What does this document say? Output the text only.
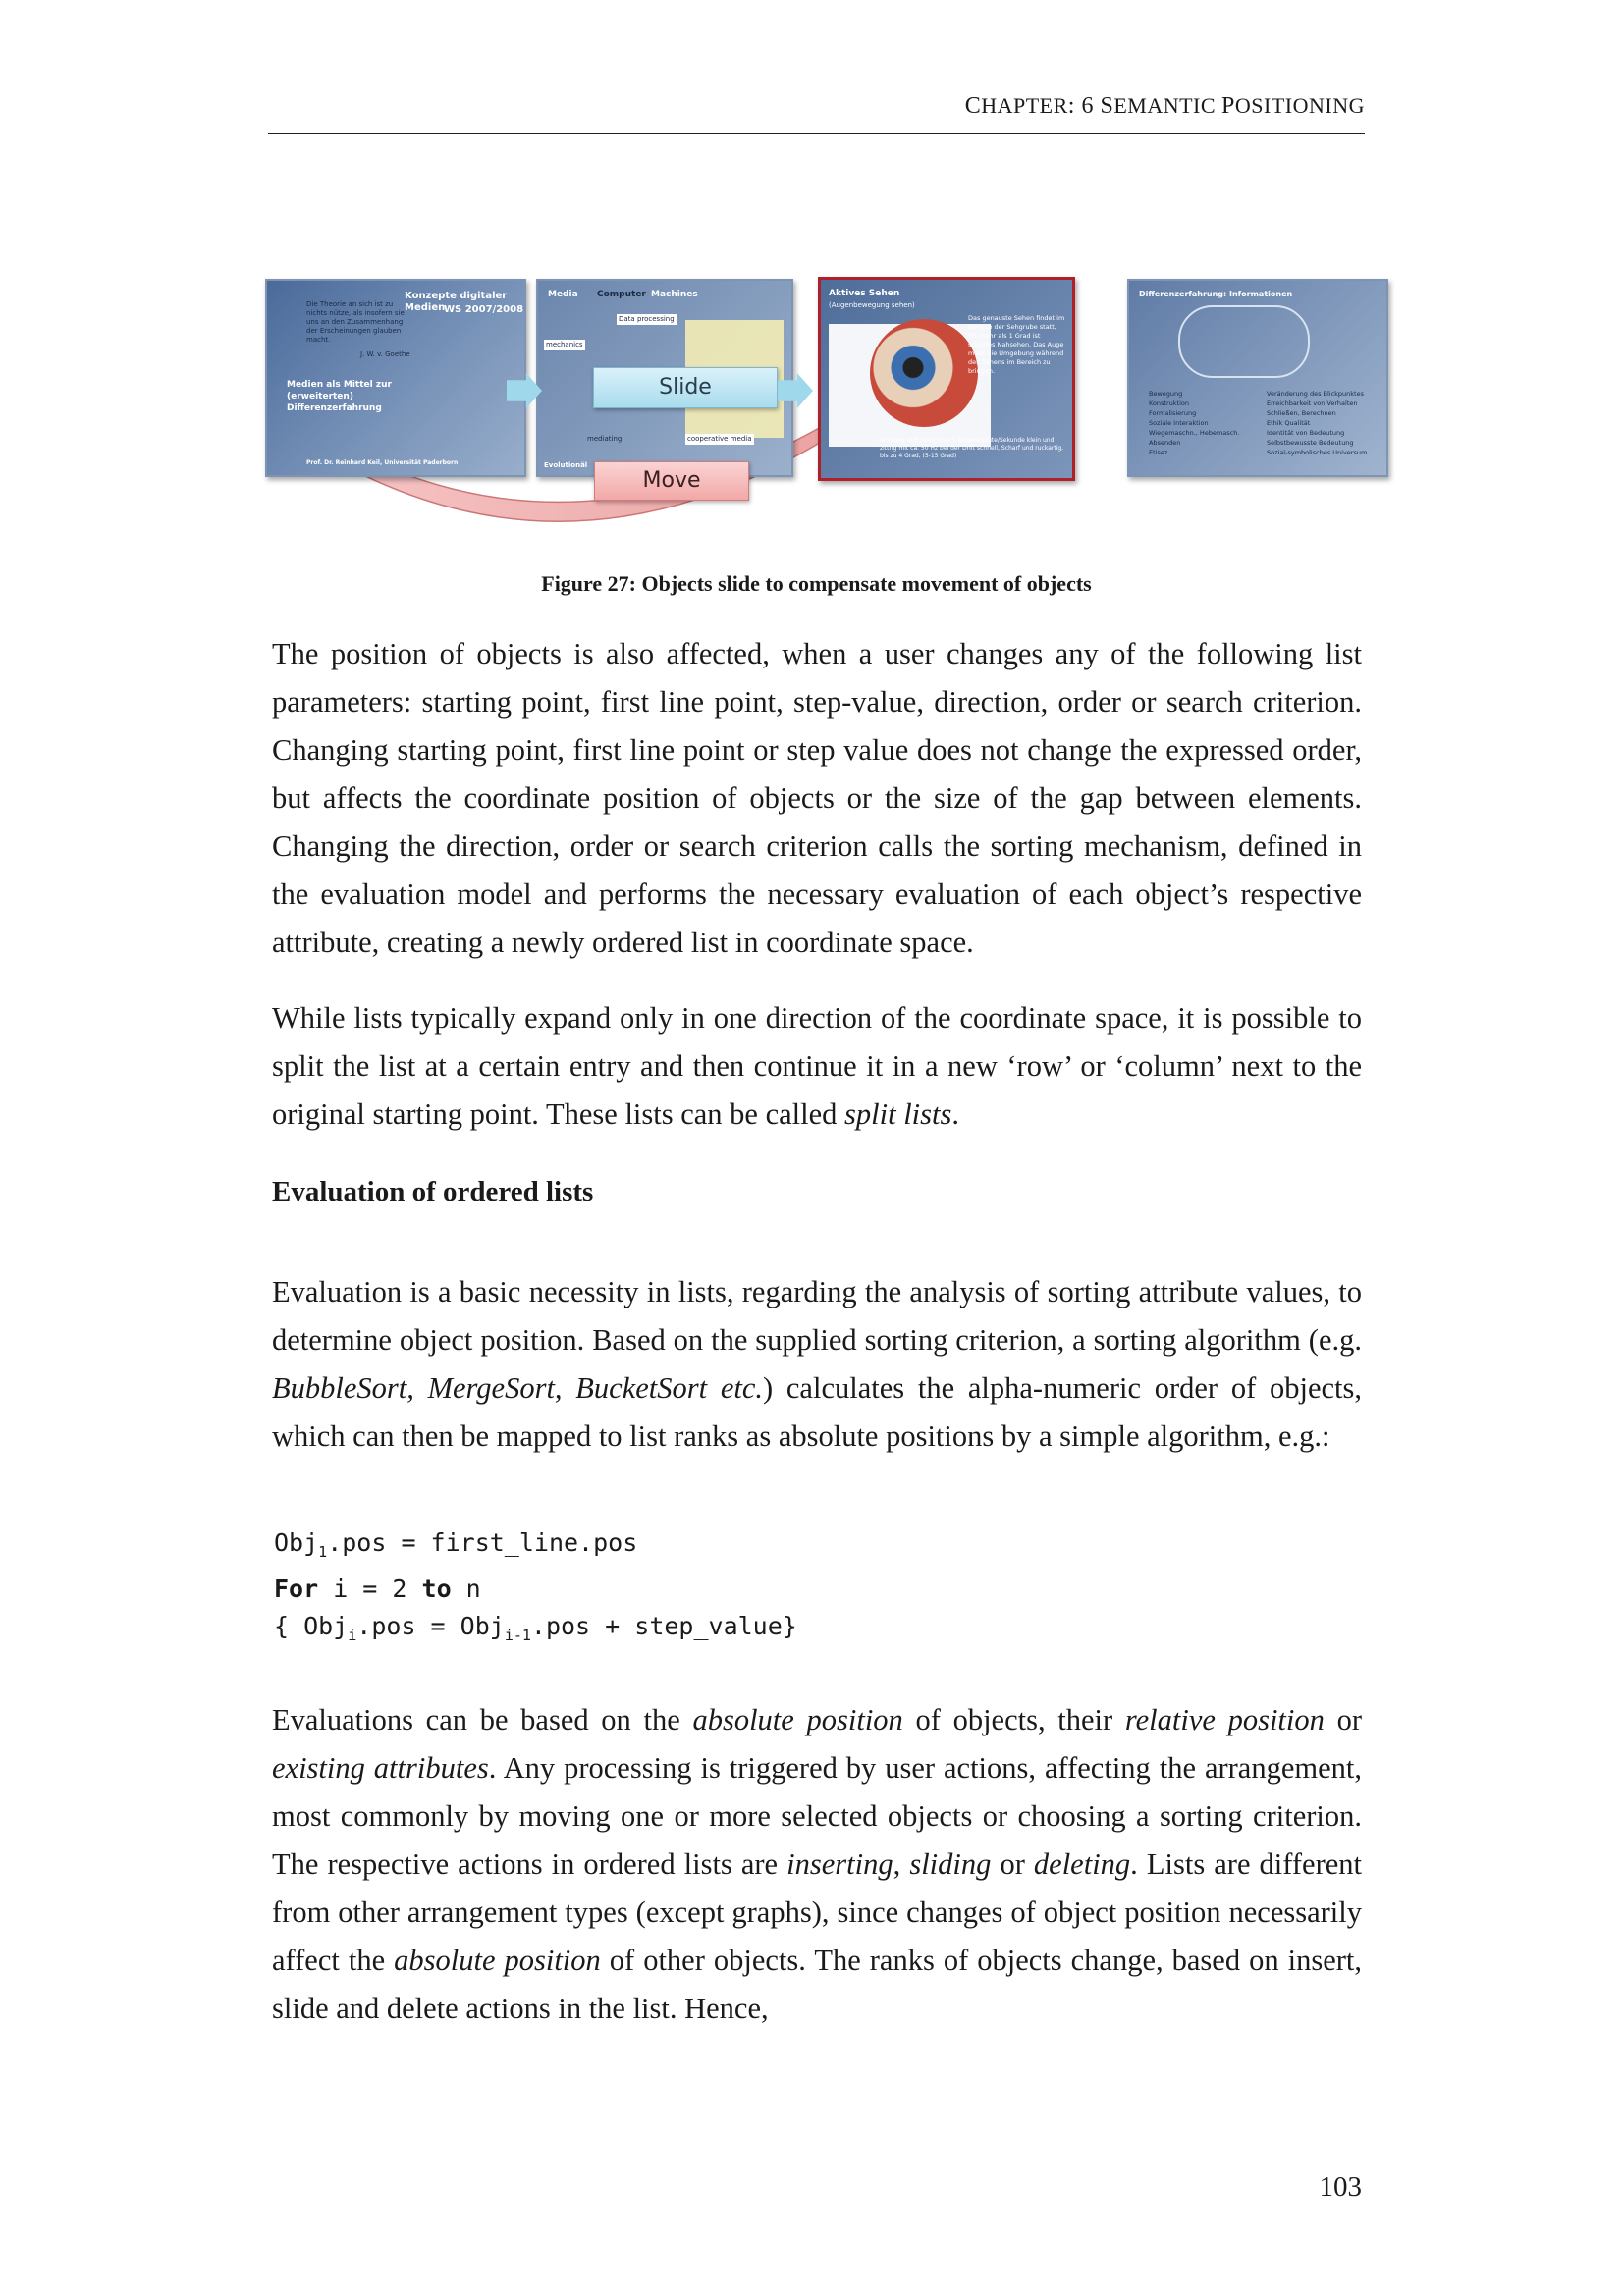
CHAPTER: 6 SEMANTIC POSITIONING
Konzepte digitaler Medien
WS 2007/2008
Die Theorie an sich ist zu nichts nütze, als insofern sie uns an den Zusammenhang der Erscheinungen glauben macht.
J. W. v. Goethe
Medien als Mittel zur (erweiterten) Differenzerfahrung
Prof. Dr. Reinhard Keil, Universität Paderborn
Media Computer Machines
Data processing
mechanics
mediating	cooperative media
Evolutionäl
Aktives Sehen
(Augenbewegung sehen)
Das genauste Sehen findet im Bereich der Sehgrube statt, für mehr als 1 Grad ist schärfes Nahsehen. Das Auge muss die Umgebung während des Sehens im Bereich zu bringen.
langsam und ruhig über 1 Bogenminute/Sekunde klein und zittrig mit ca. 50 Hz bei der Drift schnell, Scharf und ruckartig, bis zu 4 Grad, (5-15 Grad)
Differenzerfahrung: Informationen
Bewegung
Konstruktion
Formalisierung
Soziale Interaktion
Wiegemaschn., Hebemasch.
Absenden
Etisez
Veränderung des Blickpunktes
Erreichbarkeit von Verhalten
Schließen, Berechnen
Ethik Qualität
Identität von Bedeutung
Selbstbewusste Bedeutung
Sozial-symbolisches Universum
Slide
Move
Figure 27: Objects slide to compensate movement of objects
The position of objects is also affected, when a user changes any of the following list parameters: starting point, first line point, step-value, direction, order or search criterion. Changing starting point, first line point or step value does not change the expressed order, but affects the coordinate position of objects or the size of the gap between elements. Changing the direction, order or search criterion calls the sorting mechanism, defined in the evaluation model and performs the necessary evaluation of each object’s respective attribute, creating a newly ordered list in coordinate space.
While lists typically expand only in one direction of the coordinate space, it is possible to split the list at a certain entry and then continue it in a new ‘row’ or ‘column’ next to the original starting point. These lists can be called split lists.
Evaluation of ordered lists
Evaluation is a basic necessity in lists, regarding the analysis of sorting attribute values, to determine object position. Based on the supplied sorting criterion, a sorting algorithm (e.g. BubbleSort, MergeSort, BucketSort etc.) calculates the alpha-numeric order of objects, which can then be mapped to list ranks as absolute positions by a simple algorithm, e.g.:
Obj$_1$.pos = first_line.pos
For i = 2 to n
{ Obj$_i$.pos = Obj$_{i-1}$.pos + step_value}
Evaluations can be based on the absolute position of objects, their relative position or existing attributes. Any processing is triggered by user actions, affecting the arrangement, most commonly by moving one or more selected objects or choosing a sorting criterion. The respective actions in ordered lists are inserting, sliding or deleting. Lists are different from other arrangement types (except graphs), since changes of object position necessarily affect the absolute position of other objects. The ranks of objects change, based on insert, slide and delete actions in the list. Hence,
103
